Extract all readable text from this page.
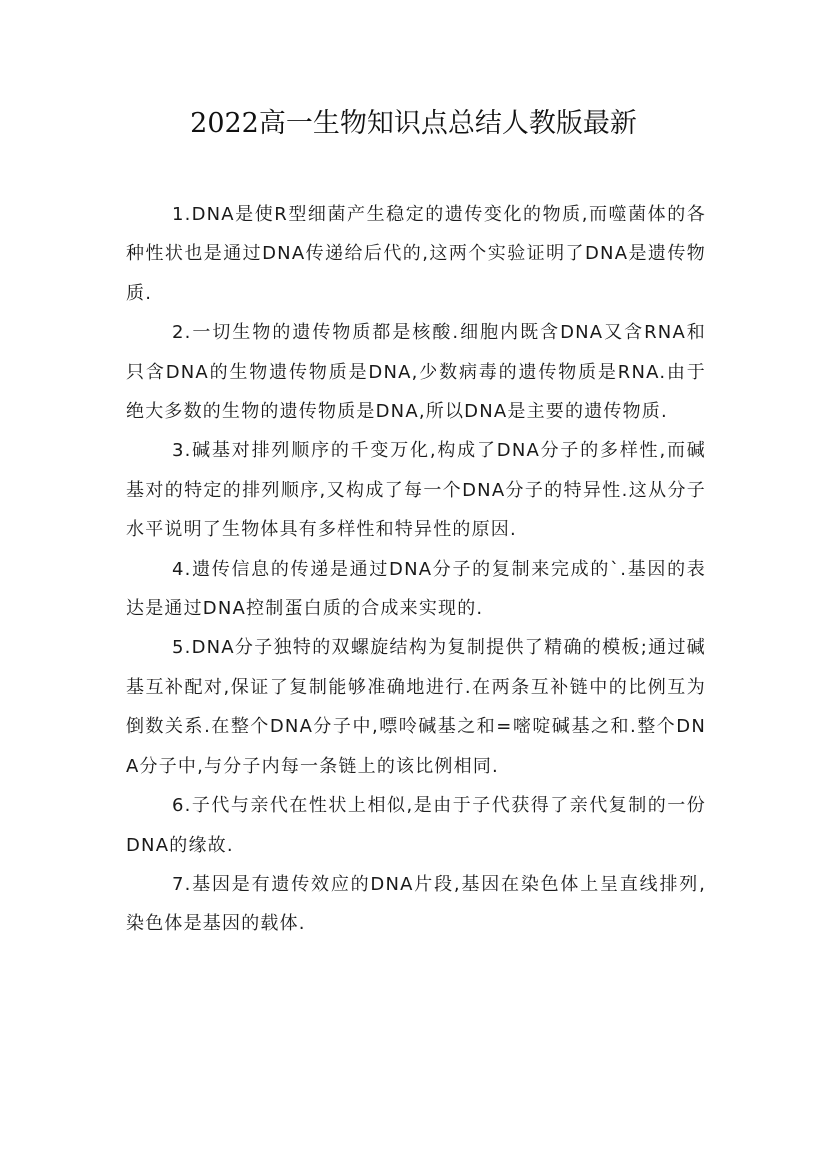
2022高一生物知识点总结人教版最新

1.DNA是使R型细菌产生稳定的遗传变化的物质,而噬菌体的各种性状也是通过DNA传递给后代的,这两个实验证明了DNA是遗传物质.

2.一切生物的遗传物质都是核酸.细胞内既含DNA又含RNA和只含DNA的生物遗传物质是DNA,少数病毒的遗传物质是RNA.由于绝大多数的生物的遗传物质是DNA,所以DNA是主要的遗传物质.

3.碱基对排列顺序的千变万化,构成了DNA分子的多样性,而碱基对的特定的排列顺序,又构成了每一个DNA分子的特异性.这从分子水平说明了生物体具有多样性和特异性的原因.

4.遗传信息的传递是通过DNA分子的复制来完成的`.基因的表达是通过DNA控制蛋白质的合成来实现的.

5.DNA分子独特的双螺旋结构为复制提供了精确的模板;通过碱基互补配对,保证了复制能够准确地进行.在两条互补链中的比例互为倒数关系.在整个DNA分子中,嘌呤碱基之和=嘧啶碱基之和.整个DNA分子中,与分子内每一条链上的该比例相同.

6.子代与亲代在性状上相似,是由于子代获得了亲代复制的一份DNA的缘故.

7.基因是有遗传效应的DNA片段,基因在染色体上呈直线排列,染色体是基因的载体.
